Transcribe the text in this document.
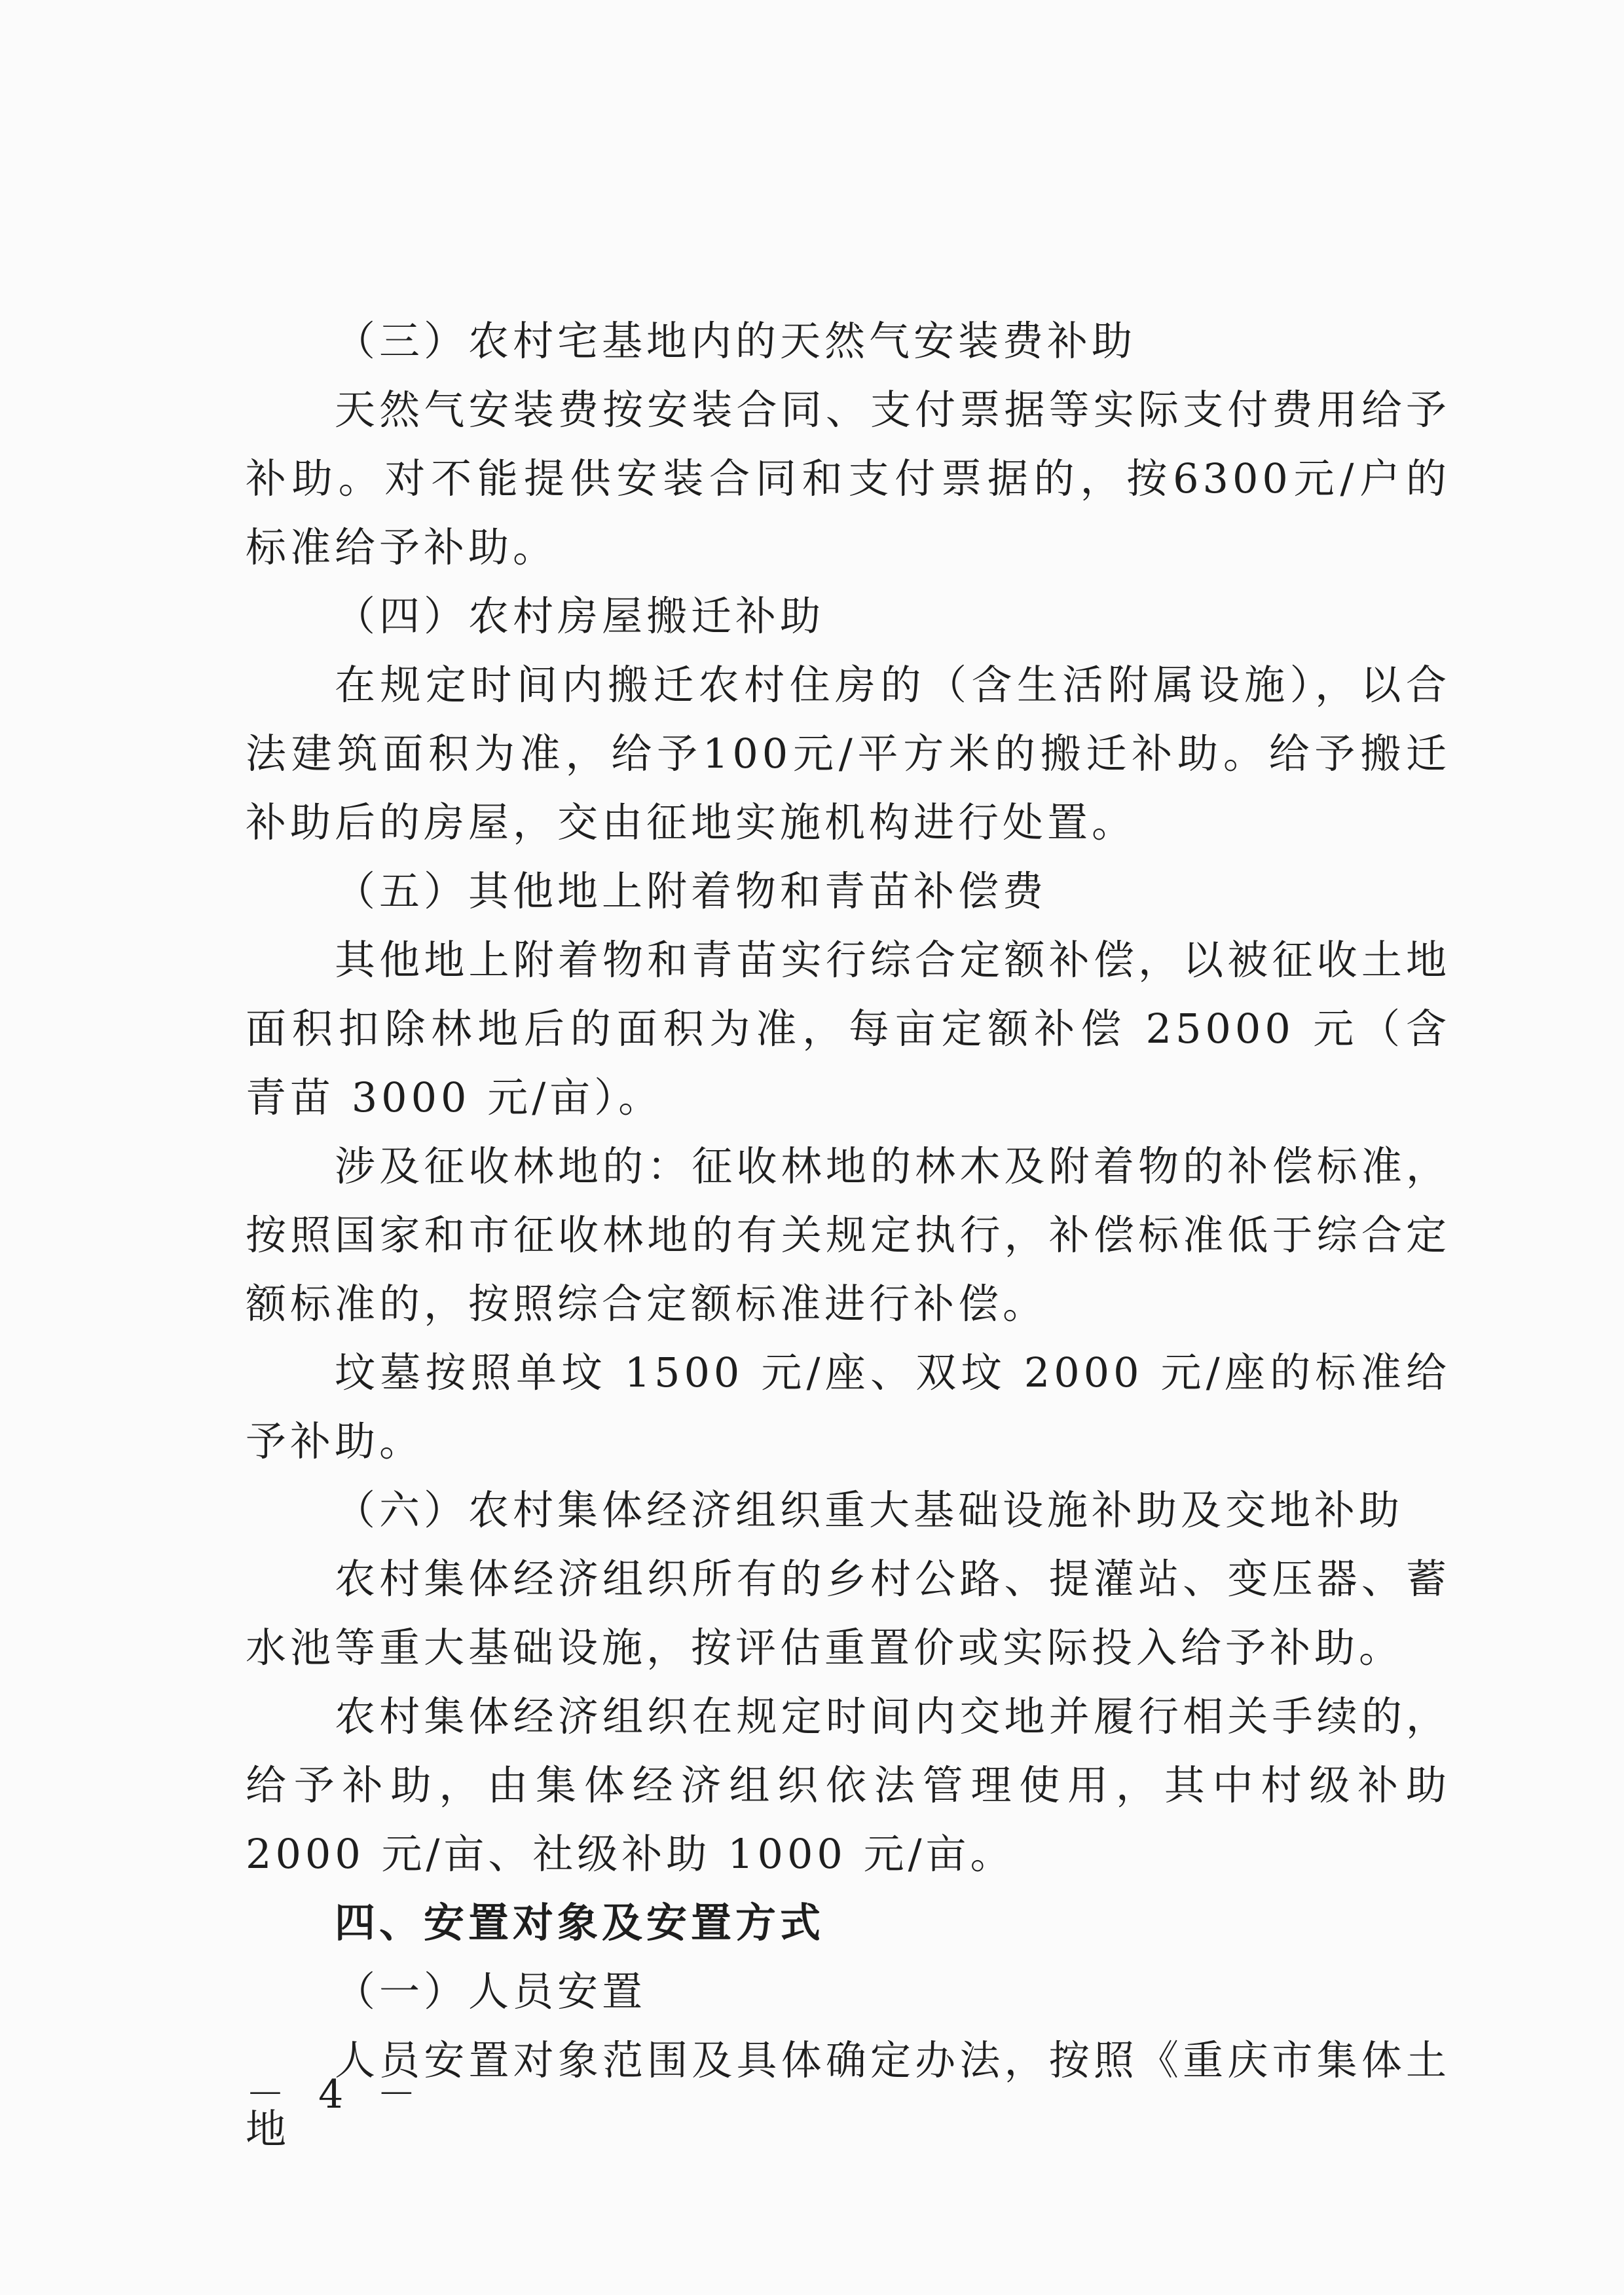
（三）农村宅基地内的天然气安装费补助

天然气安装费按安装合同、支付票据等实际支付费用给予补助。对不能提供安装合同和支付票据的，按6300元/户的标准给予补助。

（四）农村房屋搬迁补助

在规定时间内搬迁农村住房的（含生活附属设施），以合法建筑面积为准，给予100元/平方米的搬迁补助。给予搬迁补助后的房屋，交由征地实施机构进行处置。

（五）其他地上附着物和青苗补偿费

其他地上附着物和青苗实行综合定额补偿，以被征收土地面积扣除林地后的面积为准，每亩定额补偿 25000 元（含青苗 3000 元/亩）。

涉及征收林地的：征收林地的林木及附着物的补偿标准，按照国家和市征收林地的有关规定执行，补偿标准低于综合定额标准的，按照综合定额标准进行补偿。

坟墓按照单坟 1500 元/座、双坟 2000 元/座的标准给予补助。

（六）农村集体经济组织重大基础设施补助及交地补助

农村集体经济组织所有的乡村公路、提灌站、变压器、蓄水池等重大基础设施，按评估重置价或实际投入给予补助。

农村集体经济组织在规定时间内交地并履行相关手续的，给予补助，由集体经济组织依法管理使用，其中村级补助 2000 元/亩、社级补助 1000 元/亩。

四、安置对象及安置方式

（一）人员安置

人员安置对象范围及具体确定办法，按照《重庆市集体土地

－ 4 －
